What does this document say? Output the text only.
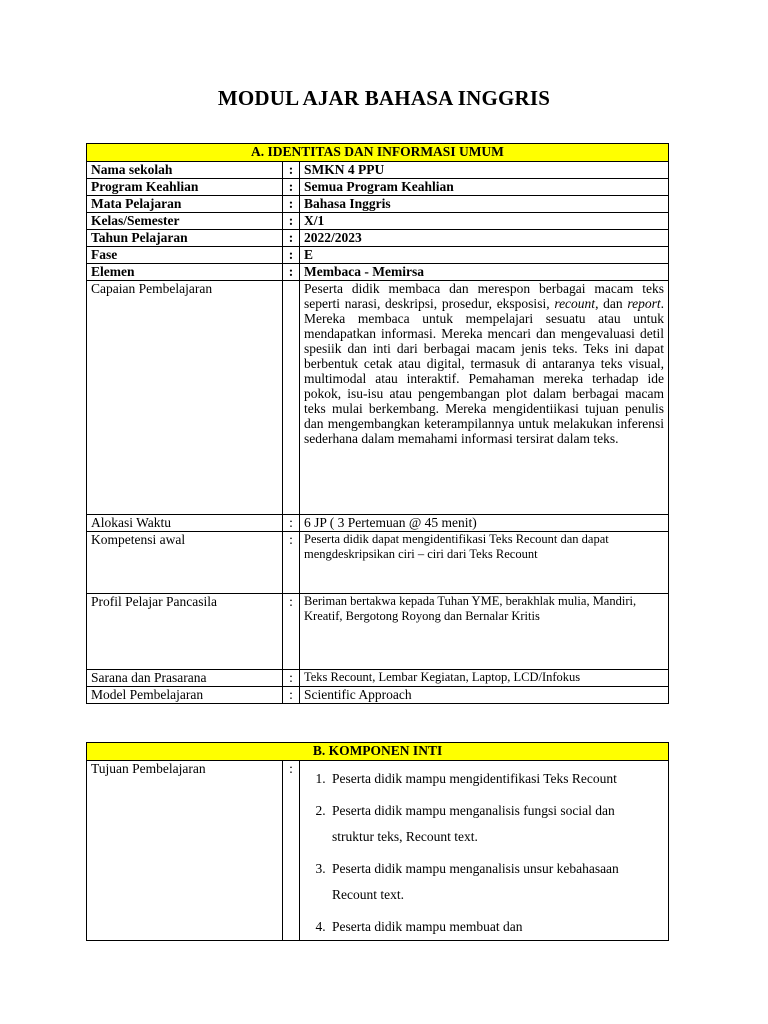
MODUL AJAR BAHASA INGGRIS
A. IDENTITAS DAN INFORMASI UMUM		
Nama sekolah	:	SMKN 4 PPU
Program Keahlian	:	Semua Program Keahlian
Mata Pelajaran	:	Bahasa Inggris
Kelas/Semester	:	X/1
Tahun Pelajaran	:	2022/2023
Fase	:	E
Elemen	:	Membaca - Memirsa
Capaian Pembelajaran		Peserta didik membaca dan merespon berbagai macam teks seperti narasi, deskripsi, prosedur, eksposisi, recount, dan report. Mereka membaca untuk mempelajari sesuatu atau untuk mendapatkan informasi. Mereka mencari dan mengevaluasi detil spesiik dan inti dari berbagai macam jenis teks. Teks ini dapat berbentuk cetak atau digital, termasuk di antaranya teks visual, multimodal atau interaktif. Pemahaman mereka terhadap ide pokok, isu-isu atau pengembangan plot dalam berbagai macam teks mulai berkembang. Mereka mengidentiikasi tujuan penulis dan mengembangkan keterampilannya untuk melakukan inferensi sederhana dalam memahami informasi tersirat dalam teks.
Alokasi Waktu	:	6 JP ( 3 Pertemuan @ 45 menit)
Kompetensi awal	:	Peserta didik dapat mengidentifikasi Teks Recount dan dapat mengdeskripsikan ciri – ciri dari Teks Recount
Profil Pelajar Pancasila	:	Beriman bertakwa kepada Tuhan YME, berakhlak mulia, Mandiri, Kreatif, Bergotong Royong dan Bernalar Kritis
Sarana dan Prasarana	:	Teks Recount, Lembar Kegiatan, Laptop, LCD/Infokus
Model Pembelajaran	:	Scientific Approach
B. KOMPONEN INTI
Tujuan Pembelajaran	:	
1. Peserta didik mampu mengidentifikasi Teks Recount
2. Peserta didik mampu menganalisis fungsi social dan struktur teks, Recount text.
3. Peserta didik mampu menganalisis unsur kebahasaan Recount text.
4. Peserta didik mampu membuat dan
